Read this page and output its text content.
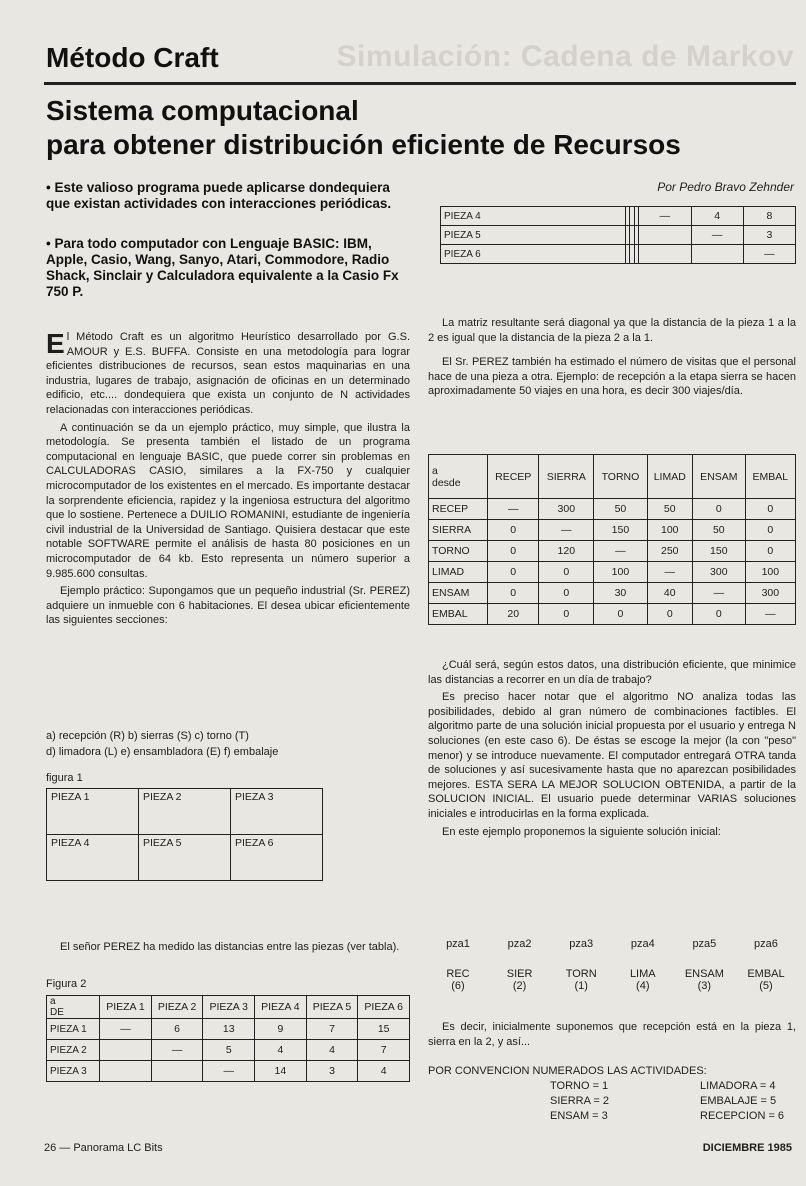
Simulación: Cadena de Markov
Método Craft
Sistema computacional
para obtener distribución eficiente de Recursos
• Este valioso programa puede aplicarse dondequiera que existan actividades con interacciones periódicas.
• Para todo computador con Lenguaje BASIC: IBM, Apple, Casio, Wang, Sanyo, Atari, Commodore, Radio Shack, Sinclair y Calculadora equivalente a la Casio Fx 750 P.
Por Pedro Bravo Zehnder

El Método Craft es un algoritmo Heurístico desarrollado por G.S. AMOUR y E.S. BUFFA. Consiste en una metodología para lograr eficientes distribuciones de recursos, sean estos maquinarias en una industria, lugares de trabajo, asignación de oficinas en un determinado edificio, etc.... dondequiera que exista un conjunto de N actividades relacionadas con interacciones periódicas.

A continuación se da un ejemplo práctico, muy simple, que ilustra la metodología. Se presenta también el listado de un programa computacional en lenguaje BASIC, que puede correr sin problemas en CALCULADORAS CASIO, similares a la FX-750 y cualquier microcomputador de los existentes en el mercado. Es importante destacar la sorprendente eficiencia, rapidez y la ingeniosa estructura del algoritmo que lo sostiene. Pertenece a DUILIO ROMANINI, estudiante de ingeniería civil industrial de la Universidad de Santiago. Quisiera destacar que este notable SOFTWARE permite el análisis de hasta 80 posiciones en un microcomputador de 64 kb. Esto representa un número superior a 9.985.600 consultas.

Ejemplo práctico: Supongamos que un pequeño industrial (Sr. PEREZ) adquiere un inmueble con 6 habitaciones. El desea ubicar eficientemente las siguientes secciones:

a) recepción (R) b) sierras (S) c) torno (T)
d) limadora (L) e) ensambladora (E) f) embalaje
figura 1
PIEZA 1	PIEZA 2	PIEZA 3
PIEZA 4	PIEZA 5	PIEZA 6

El señor PEREZ ha medido las distancias entre las piezas (ver tabla).

Figura 2
a
DE	PIEZA 1	PIEZA 2	PIEZA 3	PIEZA 4	PIEZA 5	PIEZA 6
PIEZA 1	—	6	13	9	7	15
PIEZA 2		—	5	4	4	7
PIEZA 3			—	14	3	4
PIEZA 4				—	4	8
PIEZA 5					—	3
PIEZA 6						—

La matriz resultante será diagonal ya que la distancia de la pieza 1 a la 2 es igual que la distancia de la pieza 2 a la 1.

El Sr. PEREZ también ha estimado el número de visitas que el personal hace de una pieza a otra. Ejemplo: de recepción a la etapa sierra se hacen aproximadamente 50 viajes en una hora, es decir 300 viajes/día.

a
desde	RECEP	SIERRA	TORNO	LIMAD	ENSAM	EMBAL
RECEP	—	300	50	50	0	0
SIERRA	0	—	150	100	50	0
TORNO	0	120	—	250	150	0
LIMAD	0	0	100	—	300	100
ENSAM	0	0	30	40	—	300
EMBAL	20	0	0	0	0	—

¿Cuál será, según estos datos, una distribución eficiente, que minimice las distancias a recorrer en un día de trabajo?

Es preciso hacer notar que el algoritmo NO analiza todas las posibilidades, debido al gran número de combinaciones factibles. El algoritmo parte de una solución inicial propuesta por el usuario y entrega N soluciones (en este caso 6). De éstas se escoge la mejor (la con "peso" menor) y se introduce nuevamente. El computador entregará OTRA tanda de soluciones y así sucesivamente hasta que no aparezcan posibilidades mejores. ESTA SERA LA MEJOR SOLUCION OBTENIDA, a partir de la SOLUCION INICIAL. El usuario puede determinar VARIAS soluciones iniciales e introducirlas en la forma explicada.

En este ejemplo proponemos la siguiente solución inicial:

pza1	pza2	pza3	pza4	pza5	pza6
REC	SIER	TORN	LIMA	ENSAM	EMBAL
(6)	(2)	(1)	(4)	(3)	(5)

Es decir, inicialmente suponemos que recepción está en la pieza 1, sierra en la 2, y así...

POR CONVENCION NUMERADOS LAS ACTIVIDADES:
TORNO = 1	LIMADORA = 4
SIERRA = 2	EMBALAJE = 5
ENSAM = 3	RECEPCION = 6
26 — Panorama LC Bits	DICIEMBRE 1985
